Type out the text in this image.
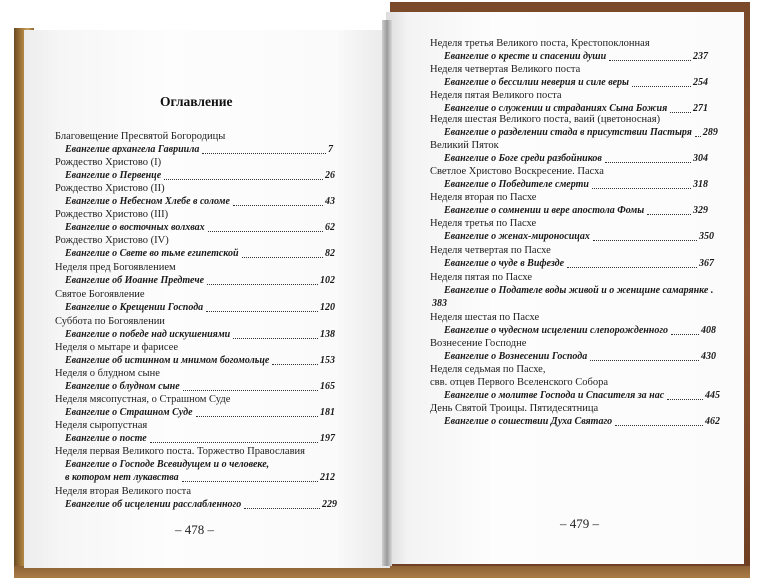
Оглавление
Благовещение Пресвятой Богородицы
Евангелие архангела Гавриила	7
Рождество Христово (I)
Евангелие о Первенце	26
Рождество Христово (II)
Евангелие о Небесном Хлебе в соломе	43
Рождество Христово (III)
Евангелие о восточных волхвах	62
Рождество Христово (IV)
Евангелие о Свете во тьме египетской	82
Неделя пред Богоявлением
Евангелие об Иоанне Предтече	102
Святое Богоявление
Евангелие о Крещении Господа	120
Суббота по Богоявлении
Евангелие о победе над искушениями	138
Неделя о мытаре и фарисее
Евангелие об истинном и мнимом богомольце	153
Неделя о блудном сыне
Евангелие о блудном сыне	165
Неделя мясопустная, о Страшном Суде
Евангелие о Страшном Суде	181
Неделя сыропустная
Евангелие о посте	197
Неделя первая Великого поста. Торжество Православия
Евангелие о Господе Всевидущем и о человеке,
в котором нет лукавства	212
Неделя вторая Великого поста
Евангелие об исцелении расслабленного	229
– 478 –
Неделя третья Великого поста, Крестопоклонная
Евангелие о кресте и спасении души	237
Неделя четвертая Великого поста
Евангелие о бессилии неверия и силе веры	254
Неделя пятая Великого поста
Евангелие о служении и страданиях Сына Божия	271
Неделя шестая Великого поста, ваий (цветоносная)
Евангелие о разделении стада в присутствии Пастыря 289
Великий Пяток
Евангелие о Боге среди разбойников	304
Светлое Христово Воскресение. Пасха
Евангелие о Победителе смерти	318
Неделя вторая по Пасхе
Евангелие о сомнении и вере апостола Фомы	329
Неделя третья по Пасхе
Евангелие о женах-мироносицах	350
Неделя четвертая по Пасхе
Евангелие о чуде в Вифезде	367
Неделя пятая по Пасхе
Евангелие о Подателе воды живой и о женщине самарянке .
383
Неделя шестая по Пасхе
Евангелие о чудесном исцелении слепорожденного	408
Вознесение Господне
Евангелие о Вознесении Господа	430
Неделя седьмая по Пасхе,
свв. отцев Первого Вселенского Собора
Евангелие о молитве Господа и Спасителя за нас	445
День Святой Троицы. Пятидесятница
Евангелие о сошествии Духа Святаго	462
– 479 –
